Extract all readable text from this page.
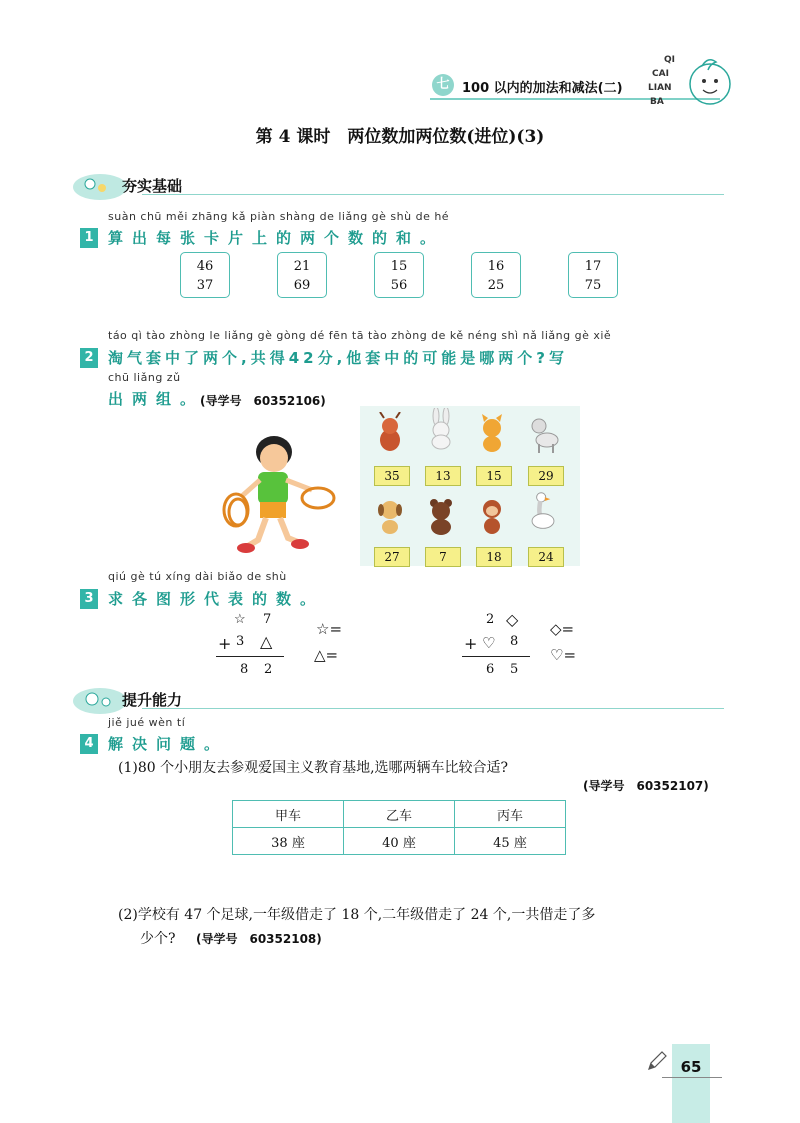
七 100 以内的加法和减法(二)
QI
CAI
LIAN
BA
第 4 课时　两位数加两位数(进位)(3)
夯实基础
suàn chū měi zhāng kǎ piàn shàng de liǎng gè shù de hé
1 算出每张卡片上的两个数的和。
46
37
21
69
15
56
16
25
17
75
táo qì tào zhòng le liǎng gè gòng dé fēn tā tào zhòng de kě néng shì nǎ liǎng gè xiě
2 淘气套中了两个,共得42分,他套中的可能是哪两个?写
chū liǎng zǔ
出两组。
(导学号　60352106)
35	13	15	29
27	7	18	24
qiú gè tú xíng dài biǎo de shù
3 求各图形代表的数。
☆ 7
+ 3 △
8 2
☆=
△=
2 ◇
+ ♡ 8
6 5
◇=
♡=
提升能力
jiě jué wèn tí
4 解决问题。
(1)80 个小朋友去参观爱国主义教育基地,选哪两辆车比较合适?
(导学号　60352107)
甲车	乙车	丙车
38 座	40 座	45 座
(2)学校有 47 个足球,一年级借走了 18 个,二年级借走了 24 个,一共借走了多
少个? (导学号　60352108)
65
